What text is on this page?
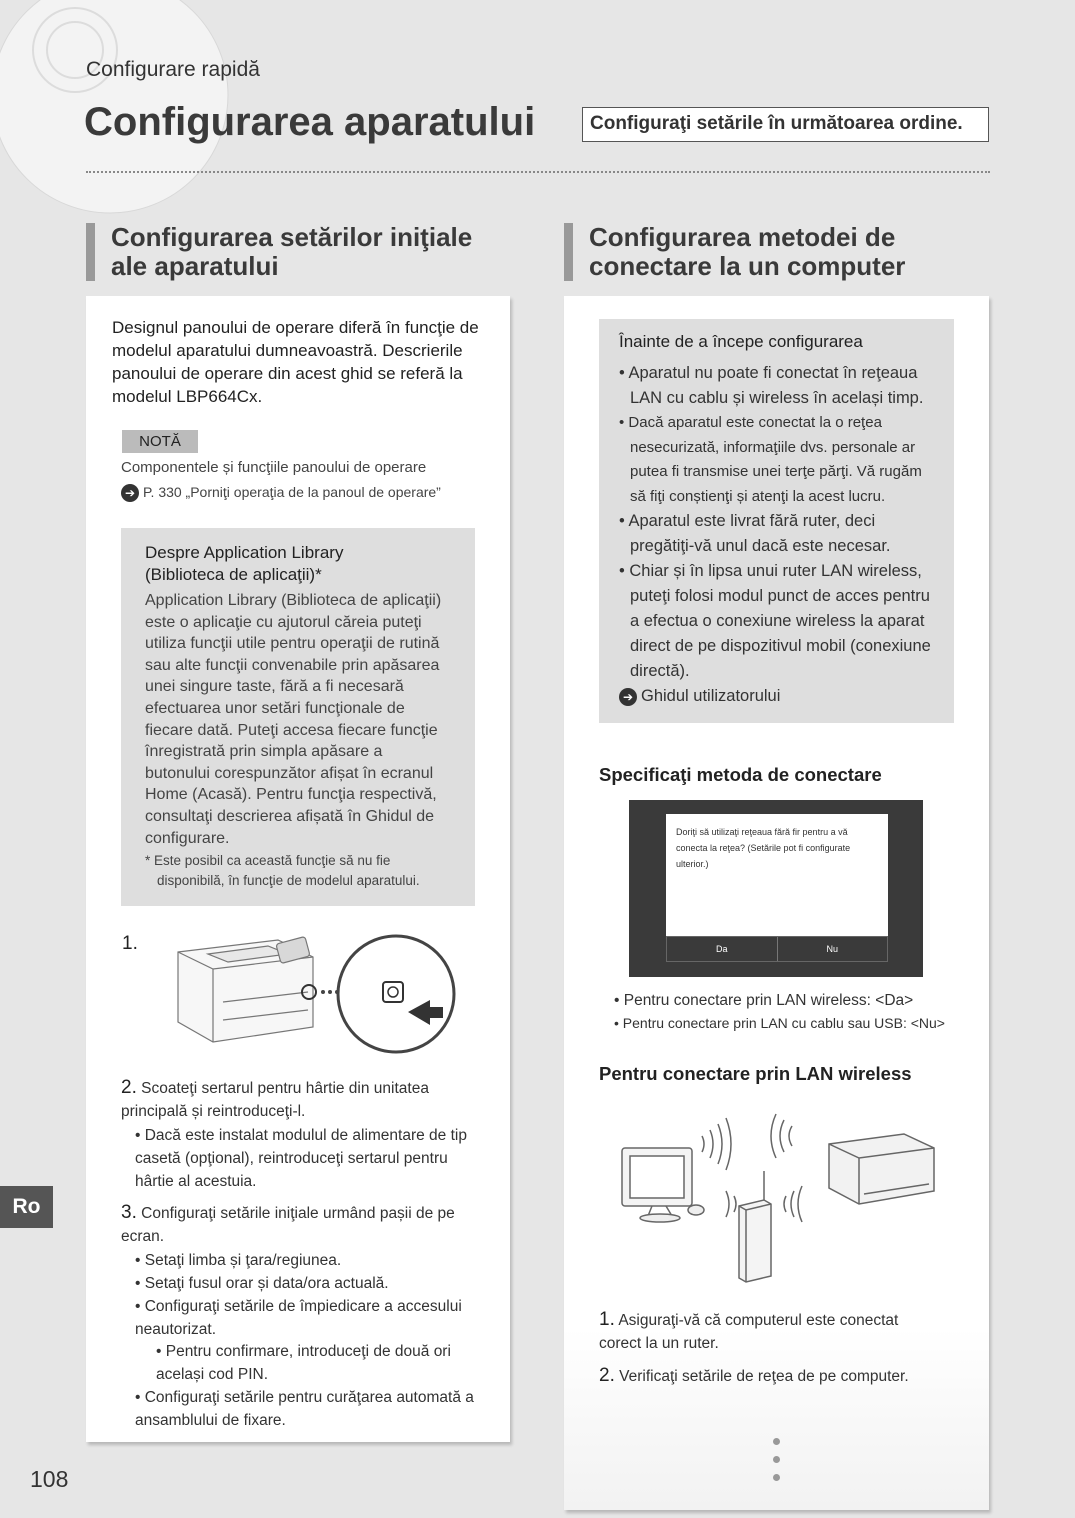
Configurare rapidă
Configurarea aparatului	Configuraţi setările în următoarea ordine.
Configurarea setărilor iniţiale
ale aparatului
Designul panoului de operare diferă în funcţie de modelul aparatului dumneavoastră. Descrierile panoului de operare din acest ghid se referă la modelul LBP664Cx.
NOTĂ
Componentele și funcţiile panoului de operare
➔ P. 330 „Porniţi operaţia de la panoul de operare”
Despre Application Library
(Biblioteca de aplicaţii)*
Application Library (Biblioteca de aplicaţii) este o aplicaţie cu ajutorul căreia puteţi utiliza funcţii utile pentru operaţii de rutină sau alte funcţii convenabile prin apăsarea unei singure taste, fără a fi necesară efectuarea unor setări funcţionale de fiecare dată. Puteţi accesa fiecare funcţie înregistrată prin simpla apăsare a butonului corespunzător afișat în ecranul Home (Acasă). Pentru funcţia respectivă, consultaţi descrierea afișată în Ghidul de configurare.
* Este posibil ca această funcţie să nu fie disponibilă, în funcţie de modelul aparatului.
1.
2. Scoateţi sertarul pentru hârtie din unitatea principală și reintroduceţi-l.
• Dacă este instalat modulul de alimentare de tip casetă (opţional), reintroduceţi sertarul pentru hârtie al acestuia.
3. Configuraţi setările iniţiale urmând pașii de pe ecran.
• Setaţi limba și ţara/regiunea.
• Setaţi fusul orar și data/ora actuală.
• Configuraţi setările de împiedicare a accesului neautorizat.
• Pentru confirmare, introduceţi de două ori același cod PIN.
• Configuraţi setările pentru curăţarea automată a ansamblului de fixare.
Configurarea metodei de
conectare la un computer
Înainte de a începe configurarea
• Aparatul nu poate fi conectat în reţeaua LAN cu cablu și wireless în același timp.
• Dacă aparatul este conectat la o reţea nesecurizată, informaţiile dvs. personale ar putea fi transmise unei terţe părţi. Vă rugăm să fiţi conștienţi și atenţi la acest lucru.
• Aparatul este livrat fără ruter, deci pregătiţi-vă unul dacă este necesar.
• Chiar și în lipsa unui ruter LAN wireless, puteţi folosi modul punct de acces pentru a efectua o conexiune wireless la aparat direct de pe dispozitivul mobil (conexiune directă).
➔ Ghidul utilizatorului
Specificaţi metoda de conectare
Doriţi să utilizaţi reţeaua fără fir pentru a vă conecta la reţea? (Setările pot fi configurate ulterior.)
Da	Nu
• Pentru conectare prin LAN wireless: <Da>
• Pentru conectare prin LAN cu cablu sau USB: <Nu>
Pentru conectare prin LAN wireless
1. Asiguraţi-vă că computerul este conectat corect la un ruter.
2. Verificaţi setările de reţea de pe computer.
Ro
108
